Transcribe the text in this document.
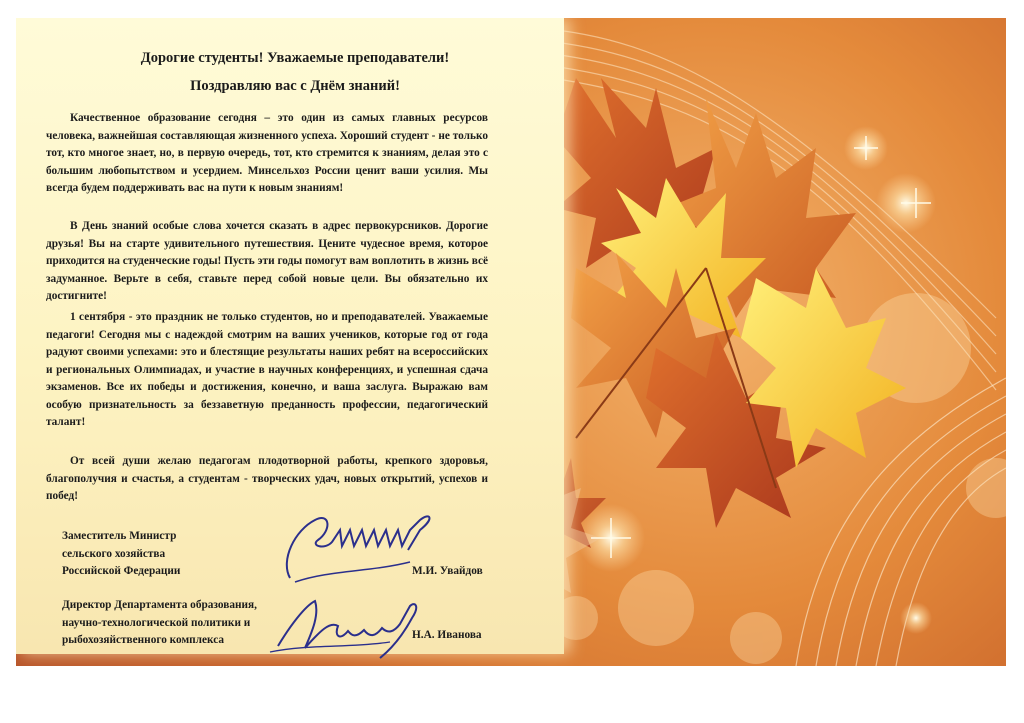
Дорогие студенты! Уважаемые преподаватели!
Поздравляю вас с Днём знаний!
Качественное образование сегодня – это один из самых главных ресурсов человека, важнейшая составляющая жизненного успеха. Хороший студент - не только тот, кто многое знает, но, в первую очередь, тот, кто стремится к знаниям, делая это с большим любопытством и усердием. Минсельхоз России ценит ваши усилия. Мы всегда будем поддерживать вас на пути к новым знаниям!
В День знаний особые слова хочется сказать в адрес первокурсников. Дорогие друзья! Вы на старте удивительного путешествия. Цените чудесное время, которое приходится на студенческие годы! Пусть эти годы помогут вам воплотить в жизнь всё задуманное. Верьте в себя, ставьте перед собой новые цели. Вы обязательно их достигните!
1 сентября - это праздник не только студентов, но и преподавателей. Уважаемые педагоги! Сегодня мы с надеждой смотрим на ваших учеников, которые год от года радуют своими успехами: это и блестящие результаты наших ребят на всероссийских и региональных Олимпиадах, и участие в научных конференциях, и успешная сдача экзаменов. Все их победы и достижения, конечно, и ваша заслуга. Выражаю вам особую признательность за беззаветную преданность профессии, педагогический талант!
От всей души желаю педагогам плодотворной работы, крепкого здоровья, благополучия и счастья, а студентам - творческих удач, новых открытий, успехов и побед!
Заместитель Министр
сельского хозяйства
Российской Федерации	М.И. Увайдов
Директор Департамента образования,
научно-технологической политики и
рыбохозяйственного комплекса	Н.А. Иванова
